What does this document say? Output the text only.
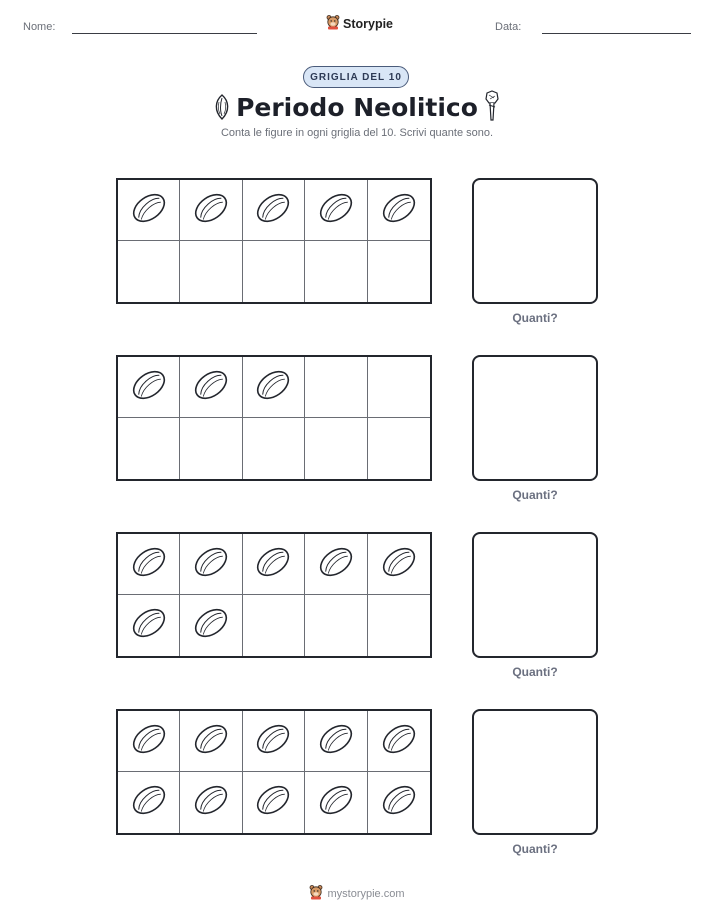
Nome:	Storypie	Data:
GRIGLIA DEL 10
Periodo Neolitico
Conta le figure in ogni griglia del 10. Scrivi quante sono.
Quanti?
Quanti?
Quanti?
Quanti?
mystorypie.com
